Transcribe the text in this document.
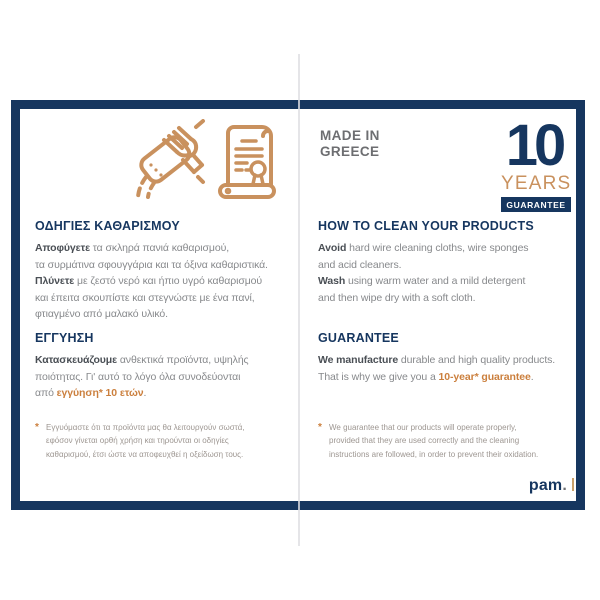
MADE IN
GREECE 10
YEARS
GUARANTEE
ΟΔΗΓΙΕΣ ΚΑΘΑΡΙΣΜΟΥ

Αποφύγετε τα σκληρά πανιά καθαρισμού,
τα συρμάτινα σφουγγάρια και τα όξινα καθαριστικά.
Πλύνετε με ζεστό νερό και ήπιο υγρό καθαρισμού
και έπειτα σκουπίστε και στεγνώστε με ένα πανί,
φτιαγμένο από μαλακό υλικό.

HOW TO CLEAN YOUR PRODUCTS

Avoid hard wire cleaning cloths, wire sponges
and acid cleaners.
Wash using warm water and a mild detergent
and then wipe dry with a soft cloth.

ΕΓΓΥΗΣΗ

Κατασκευάζουμε ανθεκτικά προϊόντα, υψηλής
ποιότητας. Γι' αυτό το λόγο όλα συνοδεύονται
από εγγύηση* 10 ετών.

GUARANTEE

We manufacture durable and high quality products.
That is why we give you a 10-year* guarantee.

* Εγγυόμαστε ότι τα προϊόντα μας θα λειτουργούν σωστά,
εφόσον γίνεται ορθή χρήση και τηρούνται οι οδηγίες
καθαρισμού, έτσι ώστε να αποφευχθεί η οξείδωση τους.
* We guarantee that our products will operate properly,
provided that they are used correctly and the cleaning
instructions are followed, in order to prevent their oxidation.
pam.
